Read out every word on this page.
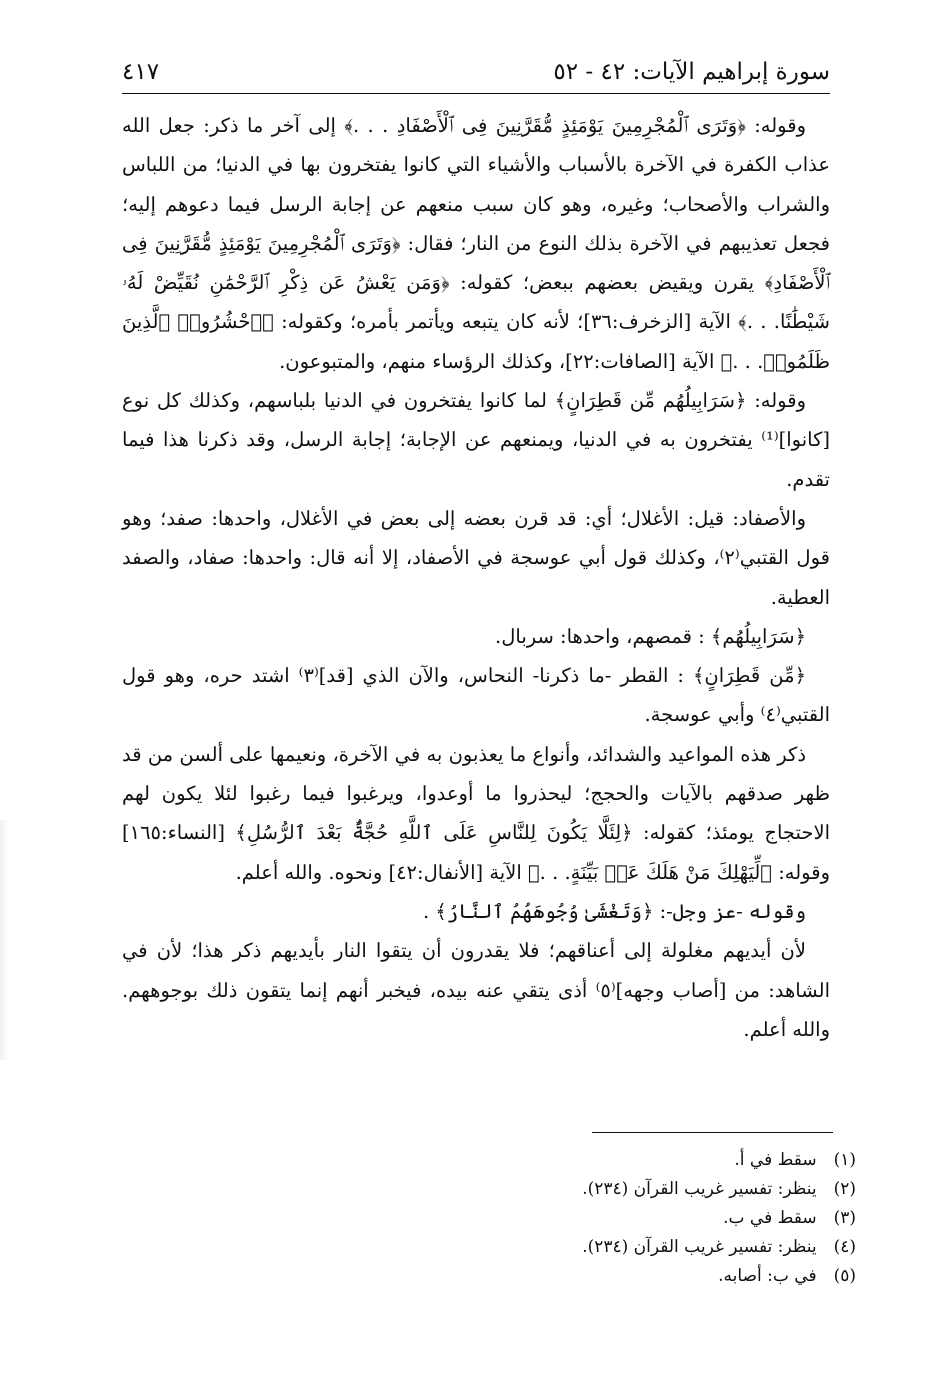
سورة إبراهيم الآيات: ٤٢ - ٥٢
٤١٧

وقوله: ﴿وَتَرَى ٱلْمُجْرِمِينَ يَوْمَئِذٍ مُّقَرَّنِينَ فِى ٱلْأَصْفَادِ . . .﴾ إلى آخر ما ذكر: جعل الله عذاب الكفرة في الآخرة بالأسباب والأشياء التي كانوا يفتخرون بها في الدنيا؛ من اللباس والشراب والأصحاب؛ وغيره، وهو كان سبب منعهم عن إجابة الرسل فيما دعوهم إليه؛ فجعل تعذيبهم في الآخرة بذلك النوع من النار؛ فقال: ﴿وَتَرَى ٱلْمُجْرِمِينَ يَوْمَئِذٍ مُّقَرَّنِينَ فِى ٱلْأَصْفَادِ﴾ يقرن ويقيض بعضهم ببعض؛ كقوله: ﴿وَمَن يَعْشُ عَن ذِكْرِ ٱلرَّحْمَٰنِ نُقَيِّضْ لَهُۥ شَيْطَٰنًا. . .﴾ الآية [الزخرف:٣٦]؛ لأنه كان يتبعه ويأتمر بأمره؛ وكقوله: ﴿ٱحْشُرُوا۟ ٱلَّذِينَ ظَلَمُوا۟. . .﴾ الآية [الصافات:٢٢]، وكذلك الرؤساء منهم، والمتبوعون.

وقوله: ﴿سَرَابِيلُهُم مِّن قَطِرَانٍ﴾ لما كانوا يفتخرون في الدنيا بلباسهم، وكذلك كل نوع [كانوا]⁽¹⁾ يفتخرون به في الدنيا، ويمنعهم عن الإجابة؛ إجابة الرسل، وقد ذكرنا هذا فيما تقدم.

والأصفاد: قيل: الأغلال؛ أي: قد قرن بعضه إلى بعض في الأغلال، واحدها: صفد؛ وهو قول القتبي⁽٢⁾، وكذلك قول أبي عوسجة في الأصفاد، إلا أنه قال: واحدها: صفاد، والصفد العطية.

﴿سَرَابِيلُهُم﴾ : قمصهم، واحدها: سربال.

﴿مِّن قَطِرَانٍ﴾ : القطر -ما ذكرنا- النحاس، والآن الذي [قد]⁽٣⁾ اشتد حره، وهو قول القتبي⁽٤⁾ وأبي عوسجة.

ذكر هذه المواعيد والشدائد، وأنواع ما يعذبون به في الآخرة، ونعيمها على ألسن من قد ظهر صدقهم بالآيات والحجج؛ ليحذروا ما أوعدوا، ويرغبوا فيما رغبوا لئلا يكون لهم الاحتجاج يومئذ؛ كقوله: ﴿لِئَلَّا يَكُونَ لِلنَّاسِ عَلَى ٱللَّهِ حُجَّةٌۢ بَعْدَ ٱلرُّسُلِ﴾ [النساء:١٦٥] وقوله: ﴿لِّيَهْلِكَ مَنْ هَلَكَ عَنۢ بَيِّنَةٍ. . .﴾ الآية [الأنفال:٤٢] ونحوه. والله أعلم.

وقوله -عز وجل-: ﴿وَتَغْشَىٰ وُجُوهَهُمُ ٱلنَّارُ﴾ .

لأن أيديهم مغلولة إلى أعناقهم؛ فلا يقدرون أن يتقوا النار بأيديهم ذكر هذا؛ لأن في الشاهد: من [أصاب وجهه]⁽٥⁾ أذى يتقي عنه بيده، فيخبر أنهم إنما يتقون ذلك بوجوههم. والله أعلم.

(١) سقط في أ.
(٢) ينظر: تفسير غريب القرآن (٢٣٤).
(٣) سقط في ب.
(٤) ينظر: تفسير غريب القرآن (٢٣٤).
(٥) في ب: أصابه.
